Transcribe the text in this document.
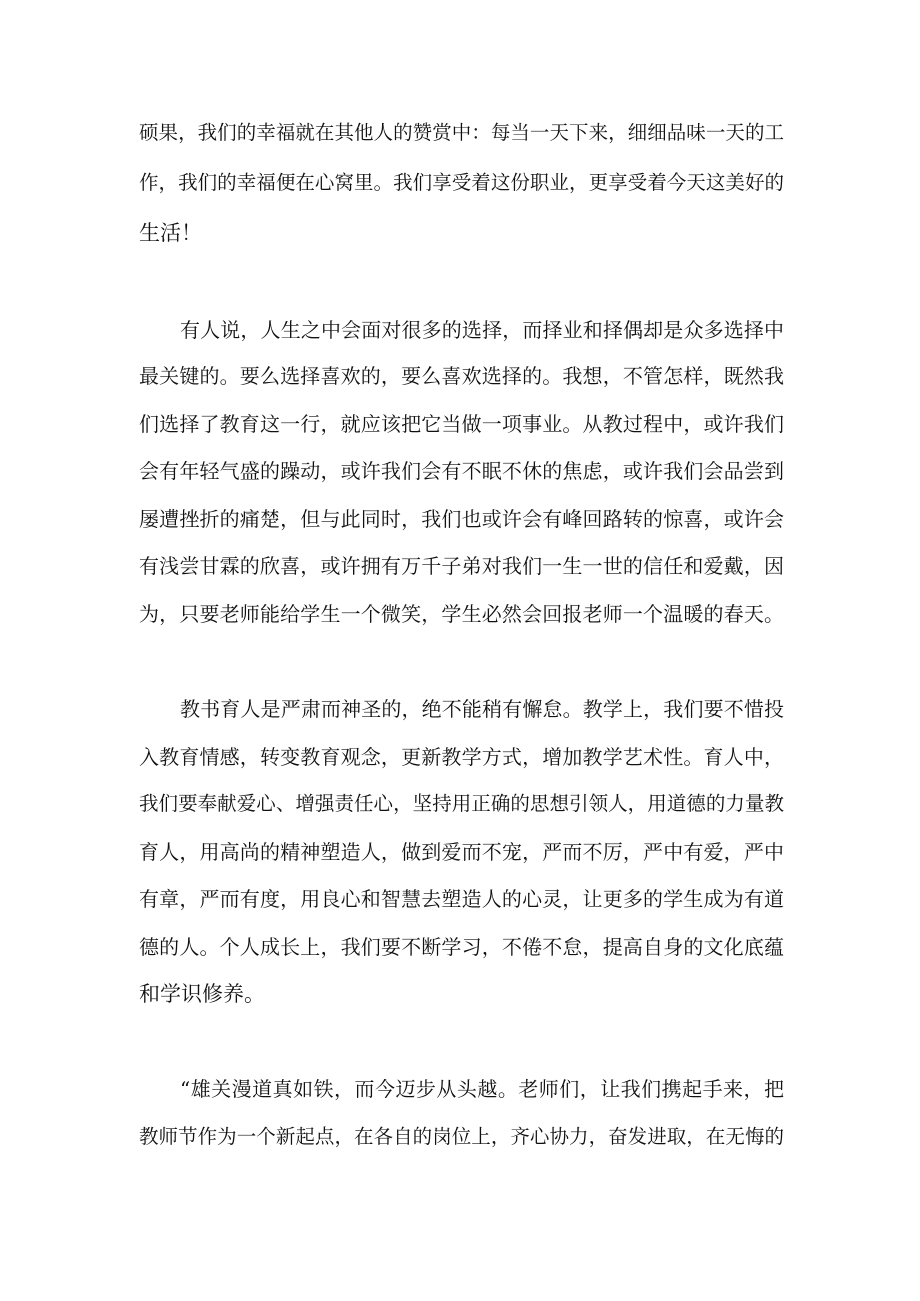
硕果，我们的幸福就在其他人的赞赏中：每当一天下来，细细品味一天的工
作，我们的幸福便在心窝里。我们享受着这份职业，更享受着今天这美好的
生活！
有人说，人生之中会面对很多的选择，而择业和择偶却是众多选择中
最关键的。要么选择喜欢的，要么喜欢选择的。我想，不管怎样，既然我
们选择了教育这一行，就应该把它当做一项事业。从教过程中，或许我们
会有年轻气盛的躁动，或许我们会有不眠不休的焦虑，或许我们会品尝到
屡遭挫折的痛楚，但与此同时，我们也或许会有峰回路转的惊喜，或许会
有浅尝甘霖的欣喜，或许拥有万千子弟对我们一生一世的信任和爱戴，因
为，只要老师能给学生一个微笑，学生必然会回报老师一个温暖的春天。
教书育人是严肃而神圣的，绝不能稍有懈怠。教学上，我们要不惜投
入教育情感，转变教育观念，更新教学方式，增加教学艺术性。育人中，
我们要奉献爱心、增强责任心，坚持用正确的思想引领人，用道德的力量教
育人，用高尚的精神塑造人，做到爱而不宠，严而不厉，严中有爱，严中
有章，严而有度，用良心和智慧去塑造人的心灵，让更多的学生成为有道
德的人。个人成长上，我们要不断学习，不倦不怠，提高自身的文化底蕴
和学识修养。
“雄关漫道真如铁，而今迈步从头越。老师们，让我们携起手来，把
教师节作为一个新起点，在各自的岗位上，齐心协力，奋发进取，在无悔的
